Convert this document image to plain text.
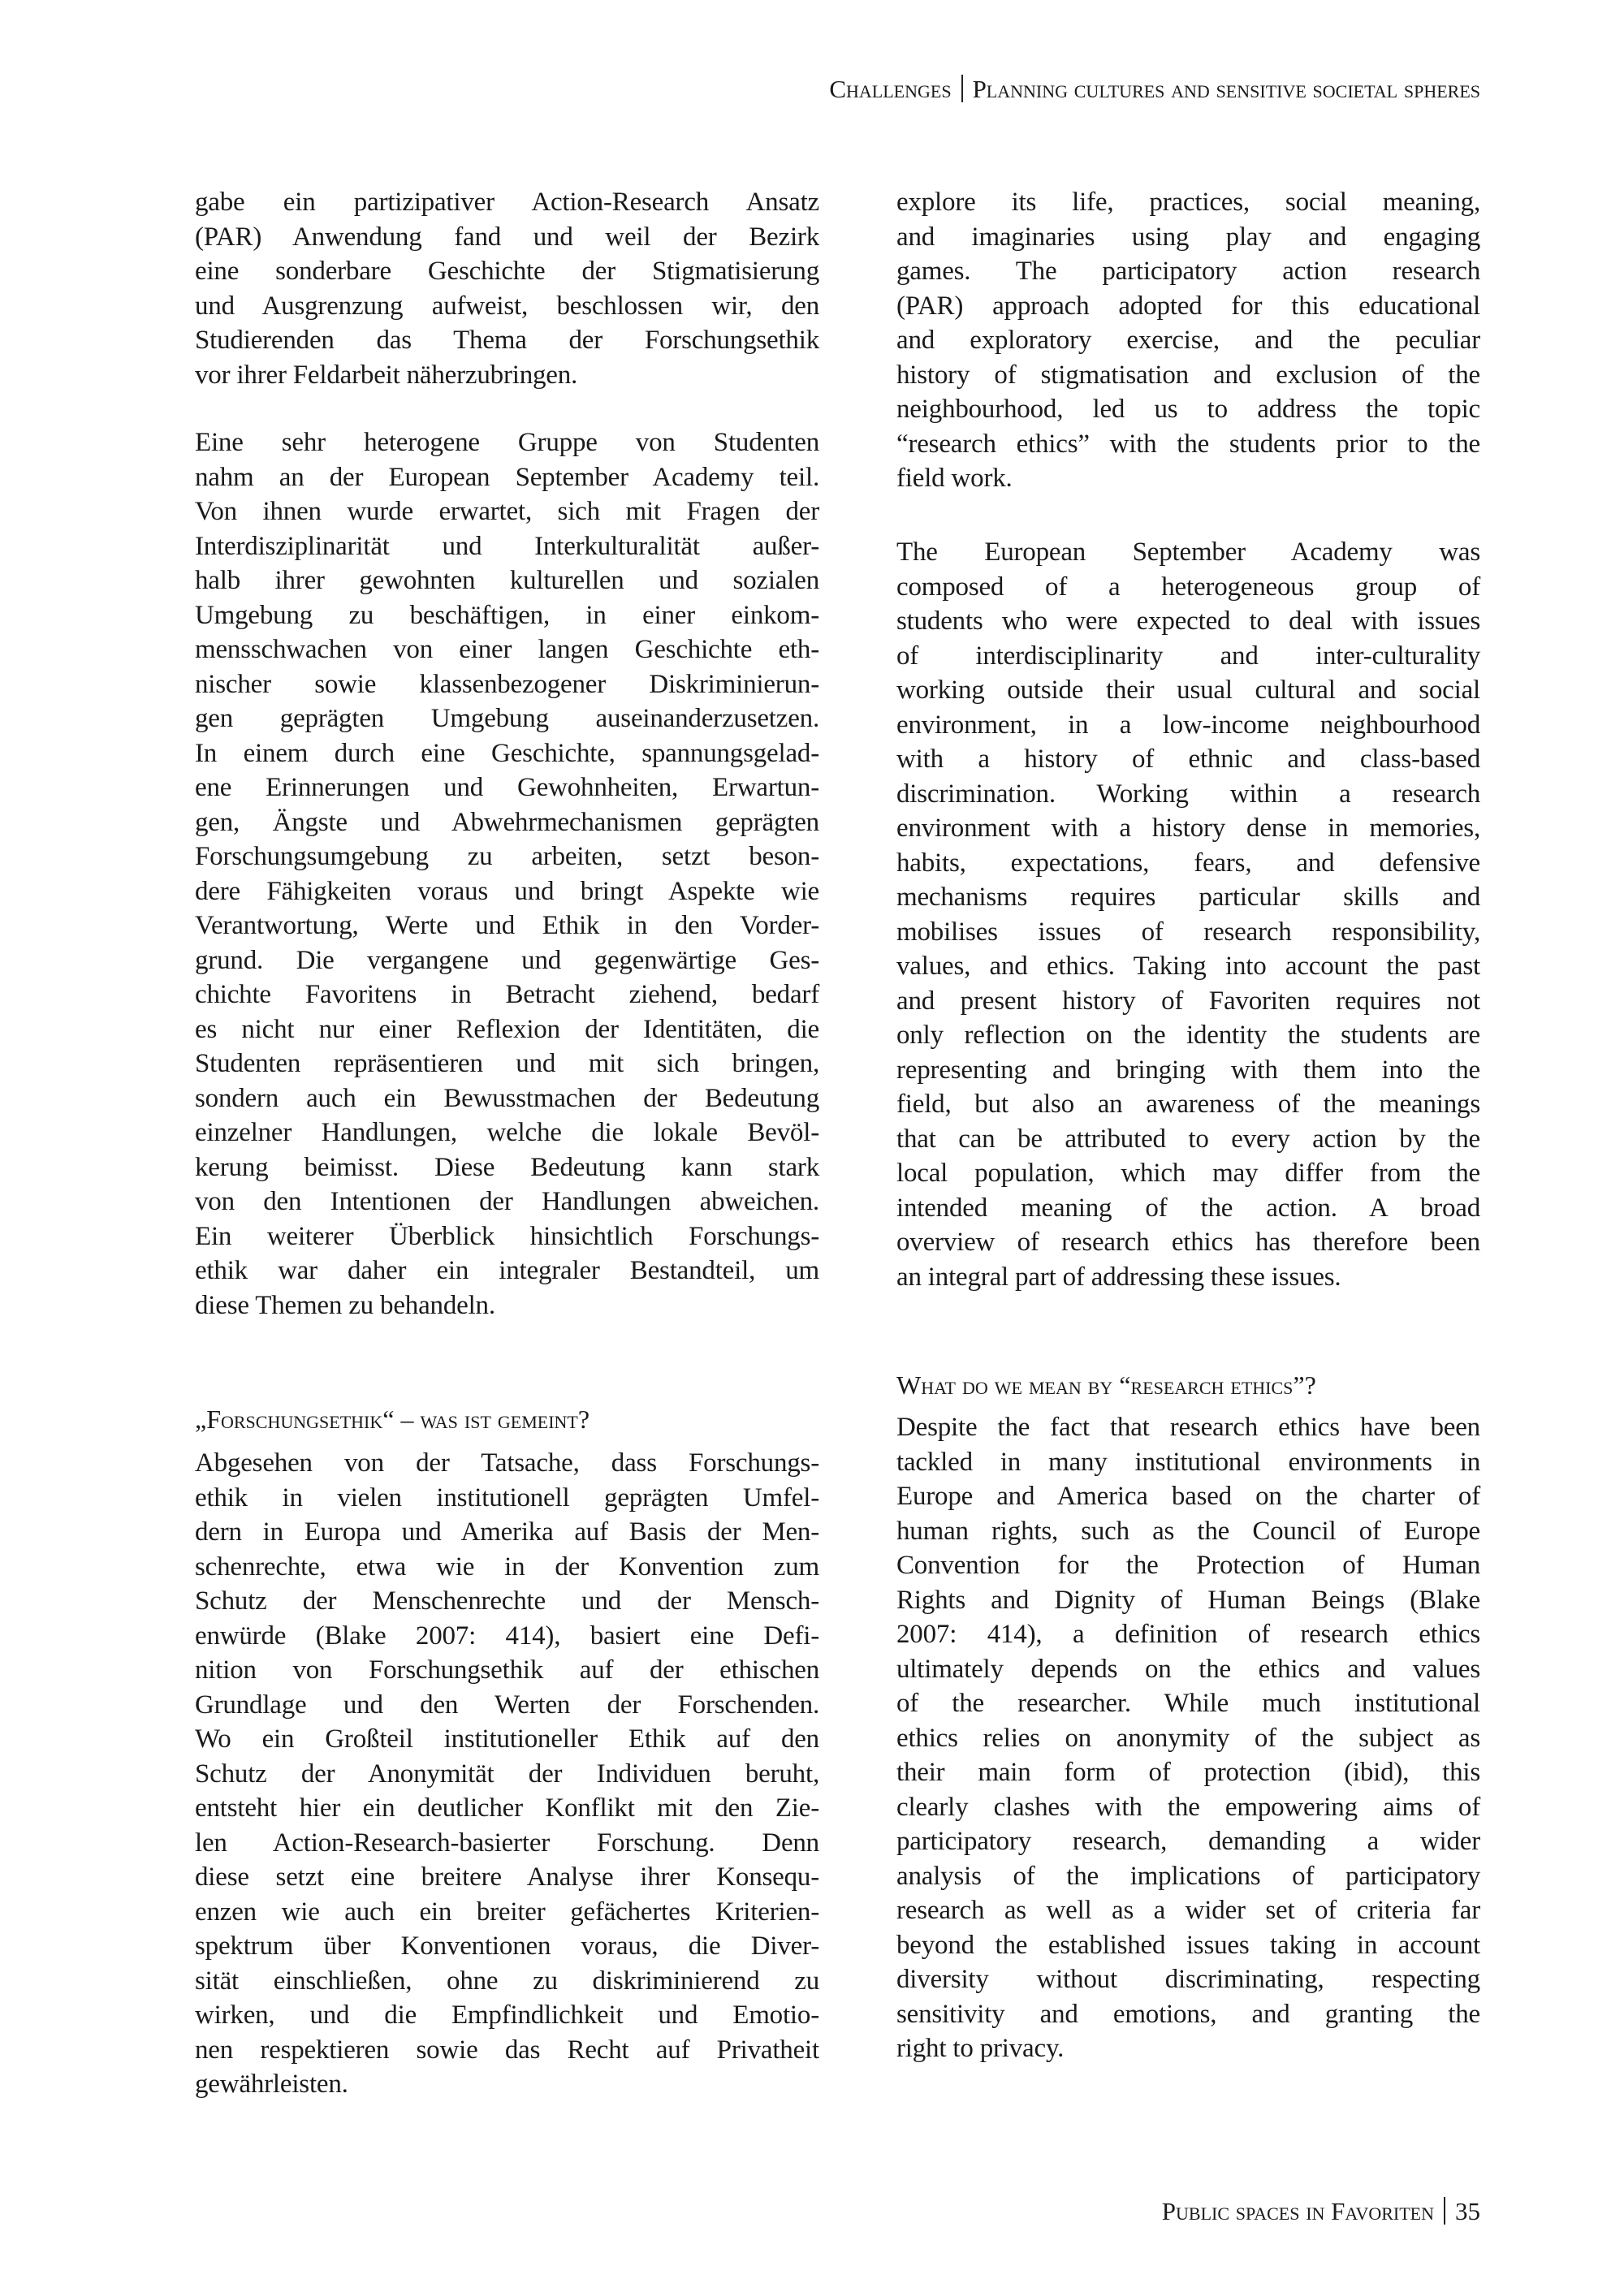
Challenges Planning cultures and sensitive societal spheres
gabe ein partizipativer Action-Research Ansatz
(PAR) Anwendung fand und weil der Bezirk
eine sonderbare Geschichte der Stigmatisierung
und Ausgrenzung aufweist, beschlossen wir, den
Studierenden das Thema der Forschungsethik
vor ihrer Feldarbeit näherzubringen.
Eine sehr heterogene Gruppe von Studenten
nahm an der European September Academy teil.
Von ihnen wurde erwartet, sich mit Fragen der
Interdisziplinarität und Interkulturalität außer-
halb ihrer gewohnten kulturellen und sozialen
Umgebung zu beschäftigen, in einer einkom-
mensschwachen von einer langen Geschichte eth-
nischer sowie klassenbezogener Diskriminierun-
gen geprägten Umgebung auseinanderzusetzen.
In einem durch eine Geschichte, spannungsgelad-
ene Erinnerungen und Gewohnheiten, Erwartun-
gen, Ängste und Abwehrmechanismen geprägten
Forschungsumgebung zu arbeiten, setzt beson-
dere Fähigkeiten voraus und bringt Aspekte wie
Verantwortung, Werte und Ethik in den Vorder-
grund. Die vergangene und gegenwärtige Ges-
chichte Favoritens in Betracht ziehend, bedarf
es nicht nur einer Reflexion der Identitäten, die
Studenten repräsentieren und mit sich bringen,
sondern auch ein Bewusstmachen der Bedeutung
einzelner Handlungen, welche die lokale Bevöl-
kerung beimisst. Diese Bedeutung kann stark
von den Intentionen der Handlungen abweichen.
Ein weiterer Überblick hinsichtlich Forschungs-
ethik war daher ein integraler Bestandteil, um
diese Themen zu behandeln.
„Forschungsethik“ – was ist gemeint?
Abgesehen von der Tatsache, dass Forschungs-
ethik in vielen institutionell geprägten Umfel-
dern in Europa und Amerika auf Basis der Men-
schenrechte, etwa wie in der Konvention zum
Schutz der Menschenrechte und der Mensch-
enwürde (Blake 2007: 414), basiert eine Defi-
nition von Forschungsethik auf der ethischen
Grundlage und den Werten der Forschenden.
Wo ein Großteil institutioneller Ethik auf den
Schutz der Anonymität der Individuen beruht,
entsteht hier ein deutlicher Konflikt mit den Zie-
len Action-Research-basierter Forschung. Denn
diese setzt eine breitere Analyse ihrer Konsequ-
enzen wie auch ein breiter gefächertes Kriterien-
spektrum über Konventionen voraus, die Diver-
sität einschließen, ohne zu diskriminierend zu
wirken, und die Empfindlichkeit und Emotio-
nen respektieren sowie das Recht auf Privatheit
gewährleisten.
explore its life, practices, social meaning,
and imaginaries using play and engaging
games. The participatory action research
(PAR) approach adopted for this educational
and exploratory exercise, and the peculiar
history of stigmatisation and exclusion of the
neighbourhood, led us to address the topic
“research ethics” with the students prior to the
field work.
The European September Academy was
composed of a heterogeneous group of
students who were expected to deal with issues
of interdisciplinarity and inter-culturality
working outside their usual cultural and social
environment, in a low-income neighbourhood
with a history of ethnic and class-based
discrimination. Working within a research
environment with a history dense in memories,
habits, expectations, fears, and defensive
mechanisms requires particular skills and
mobilises issues of research responsibility,
values, and ethics. Taking into account the past
and present history of Favoriten requires not
only reflection on the identity the students are
representing and bringing with them into the
field, but also an awareness of the meanings
that can be attributed to every action by the
local population, which may differ from the
intended meaning of the action. A broad
overview of research ethics has therefore been
an integral part of addressing these issues.
What do we mean by “research ethics”?
Despite the fact that research ethics have been
tackled in many institutional environments in
Europe and America based on the charter of
human rights, such as the Council of Europe
Convention for the Protection of Human
Rights and Dignity of Human Beings (Blake
2007: 414), a definition of research ethics
ultimately depends on the ethics and values
of the researcher. While much institutional
ethics relies on anonymity of the subject as
their main form of protection (ibid), this
clearly clashes with the empowering aims of
participatory research, demanding a wider
analysis of the implications of participatory
research as well as a wider set of criteria far
beyond the established issues taking in account
diversity without discriminating, respecting
sensitivity and emotions, and granting the
right to privacy.
Public spaces in Favoriten 35
